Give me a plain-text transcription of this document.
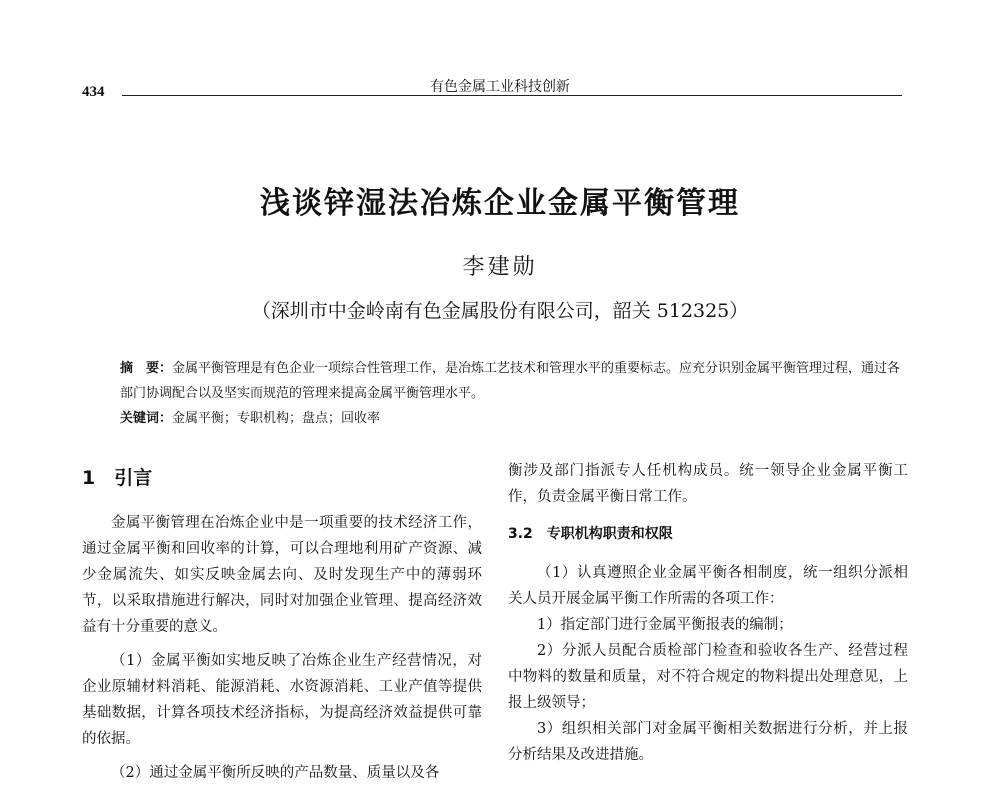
有色金属工业科技创新
434
浅谈锌湿法冶炼企业金属平衡管理
李建勋
（深圳市中金岭南有色金属股份有限公司，韶关 512325）
摘　要：金属平衡管理是有色企业一项综合性管理工作，是冶炼工艺技术和管理水平的重要标志。应充分识别金属平衡管理过程，通过各部门协调配合以及坚实而规范的管理来提高金属平衡管理水平。
关键词：金属平衡；专职机构；盘点；回收率
1　引言

金属平衡管理在冶炼企业中是一项重要的技术经济工作，通过金属平衡和回收率的计算，可以合理地利用矿产资源、减少金属流失、如实反映金属去向、及时发现生产中的薄弱环节，以采取措施进行解决，同时对加强企业管理、提高经济效益有十分重要的意义。

（1）金属平衡如实地反映了冶炼企业生产经营情况，对企业原辅材料消耗、能源消耗、水资源消耗、工业产值等提供基础数据，计算各项技术经济指标，为提高经济效益提供可靠的依据。

（2）通过金属平衡所反映的产品数量、质量以及各

衡涉及部门指派专人任机构成员。统一领导企业金属平衡工作，负责金属平衡日常工作。

3.2　专职机构职责和权限

（1）认真遵照企业金属平衡各相制度，统一组织分派相关人员开展金属平衡工作所需的各项工作：

1）指定部门进行金属平衡报表的编制；

2）分派人员配合质检部门检查和验收各生产、经营过程中物料的数量和质量，对不符合规定的物料提出处理意见，上报上级领导；

3）组织相关部门对金属平衡相关数据进行分析，并上报分析结果及改进措施。
